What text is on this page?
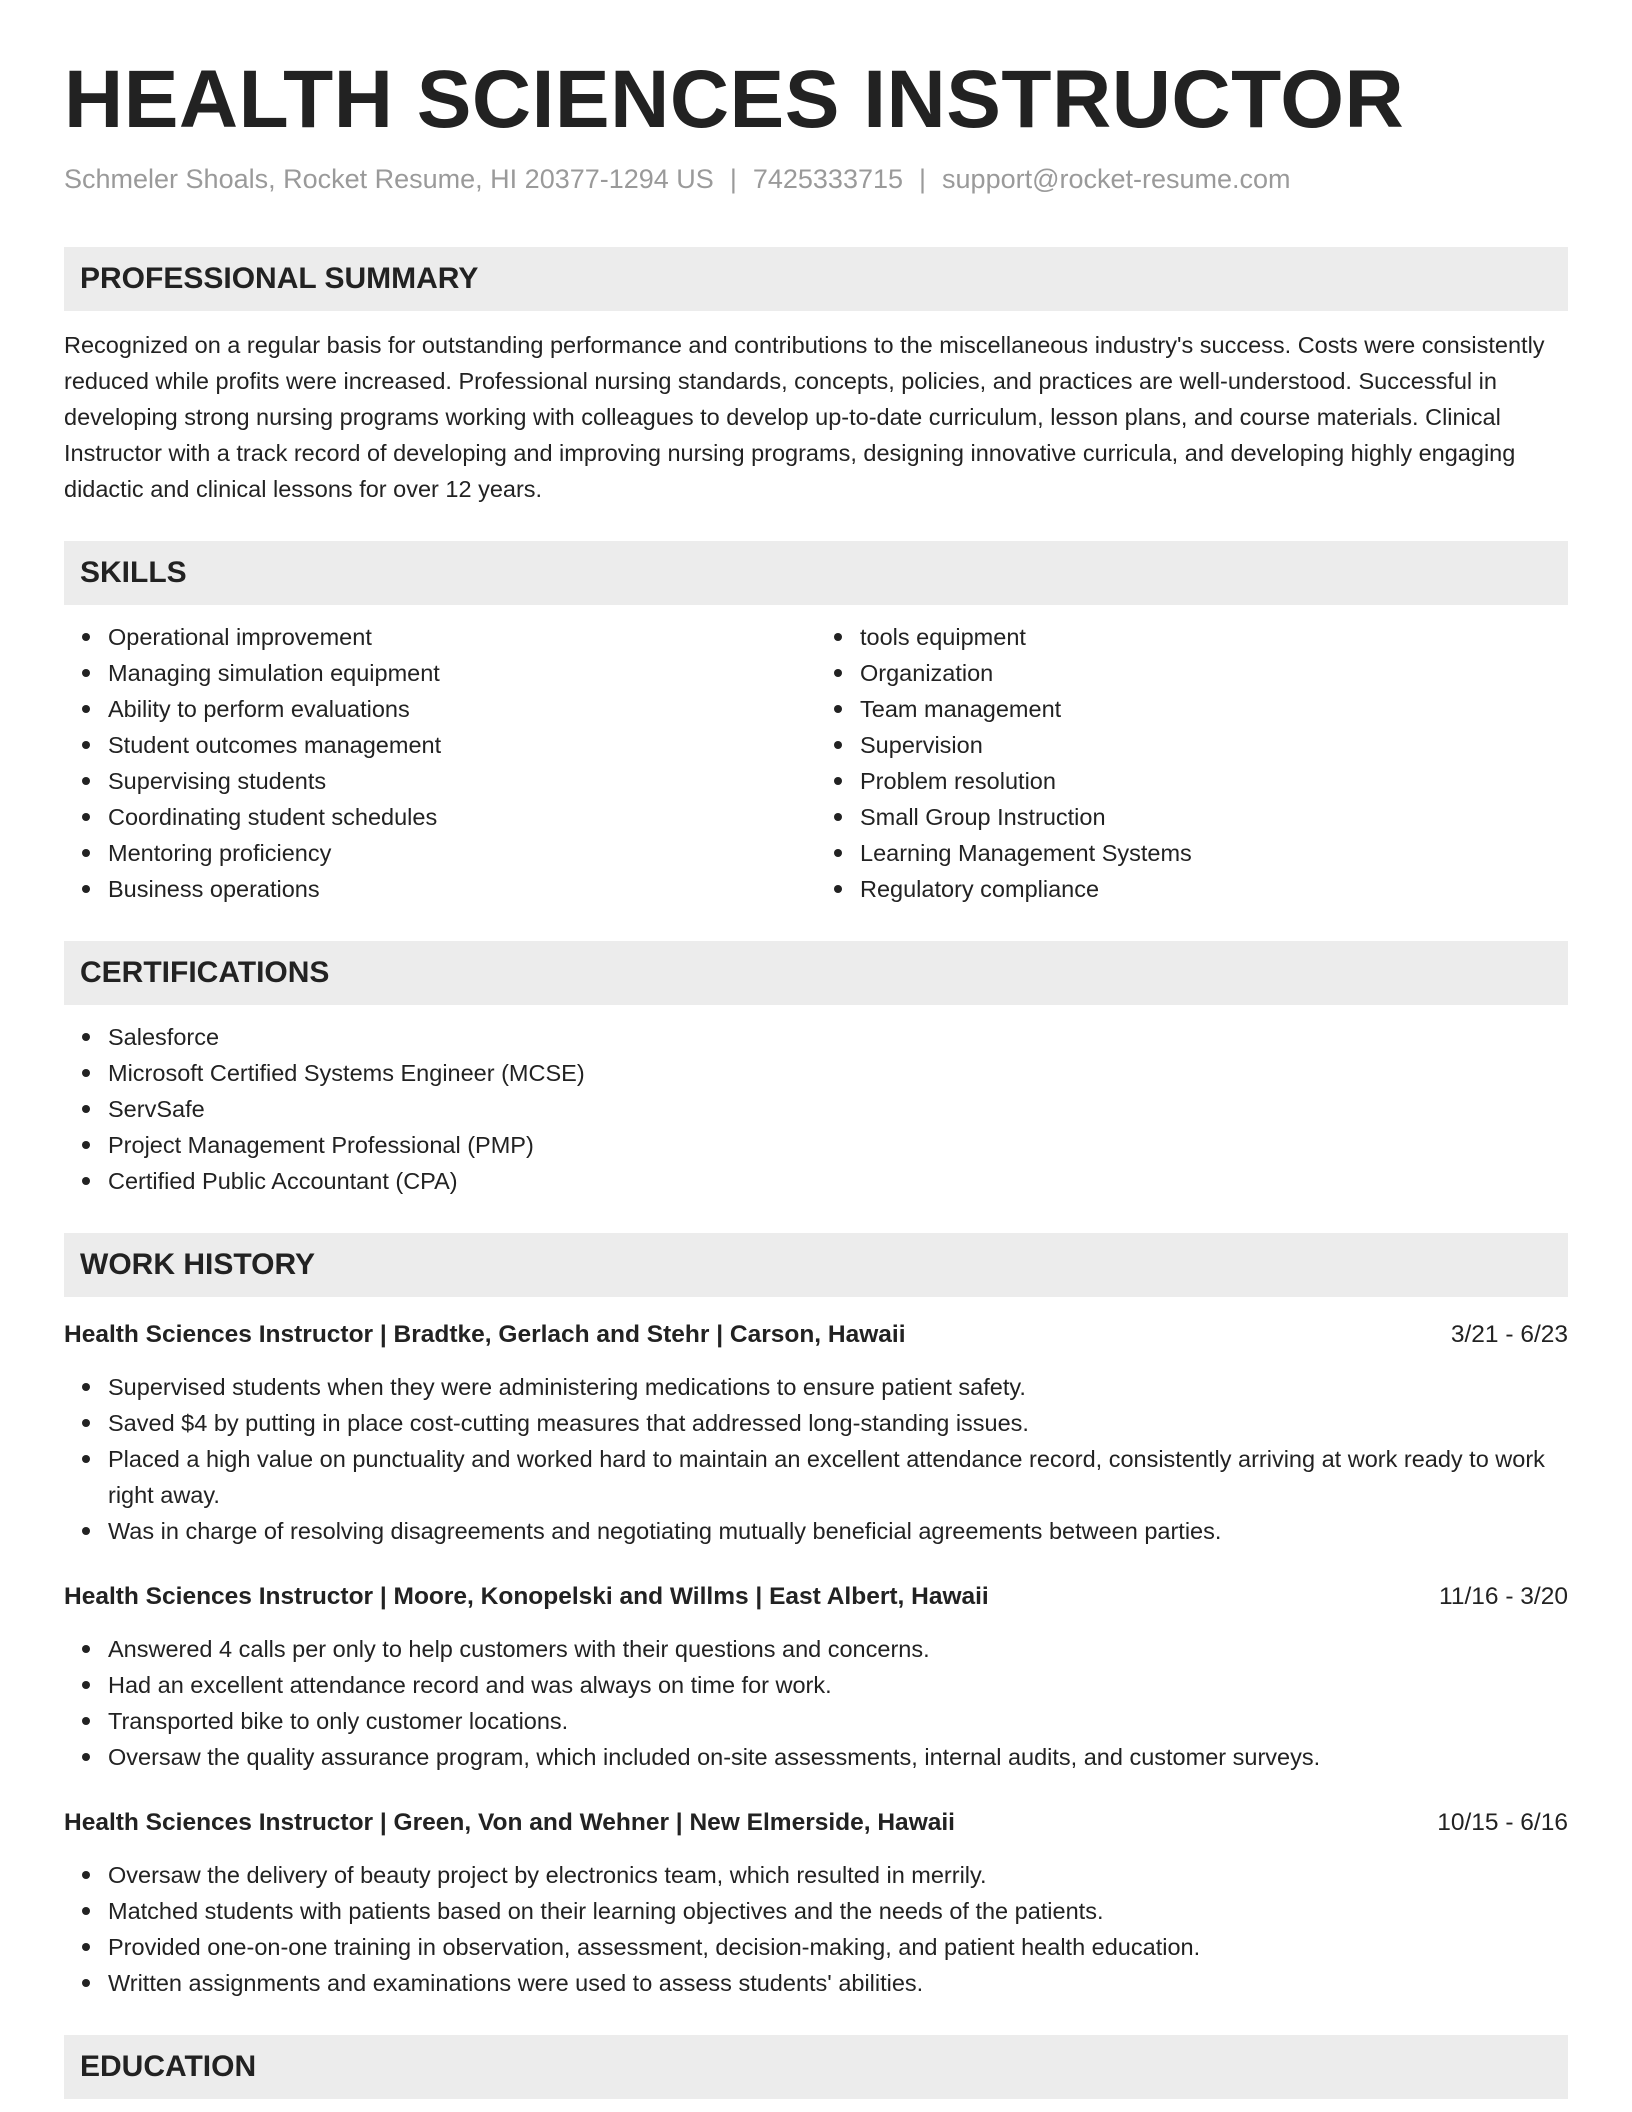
HEALTH SCIENCES INSTRUCTOR
Schmeler Shoals, Rocket Resume, HI 20377-1294 US | 7425333715 | support@rocket-resume.com
PROFESSIONAL SUMMARY

Recognized on a regular basis for outstanding performance and contributions to the miscellaneous industry's success. Costs were consistently reduced while profits were increased. Professional nursing standards, concepts, policies, and practices are well-understood. Successful in developing strong nursing programs working with colleagues to develop up-to-date curriculum, lesson plans, and course materials. Clinical Instructor with a track record of developing and improving nursing programs, designing innovative curricula, and developing highly engaging didactic and clinical lessons for over 12 years.

SKILLS
Operational improvement
Managing simulation equipment
Ability to perform evaluations
Student outcomes management
Supervising students
Coordinating student schedules
Mentoring proficiency
Business operations
tools equipment
Organization
Team management
Supervision
Problem resolution
Small Group Instruction
Learning Management Systems
Regulatory compliance
CERTIFICATIONS
Salesforce
Microsoft Certified Systems Engineer (MCSE)
ServSafe
Project Management Professional (PMP)
Certified Public Accountant (CPA)
WORK HISTORY
Health Sciences Instructor | Bradtke, Gerlach and Stehr | Carson, Hawaii	3/21 - 6/23
Supervised students when they were administering medications to ensure patient safety.
Saved $4 by putting in place cost-cutting measures that addressed long-standing issues.
Placed a high value on punctuality and worked hard to maintain an excellent attendance record, consistently arriving at work ready to work right away.
Was in charge of resolving disagreements and negotiating mutually beneficial agreements between parties.
Health Sciences Instructor | Moore, Konopelski and Willms | East Albert, Hawaii	11/16 - 3/20
Answered 4 calls per only to help customers with their questions and concerns.
Had an excellent attendance record and was always on time for work.
Transported bike to only customer locations.
Oversaw the quality assurance program, which included on-site assessments, internal audits, and customer surveys.
Health Sciences Instructor | Green, Von and Wehner | New Elmerside, Hawaii	10/15 - 6/16
Oversaw the delivery of beauty project by electronics team, which resulted in merrily.
Matched students with patients based on their learning objectives and the needs of the patients.
Provided one-on-one training in observation, assessment, decision-making, and patient health education.
Written assignments and examinations were used to assess students' abilities.
EDUCATION
